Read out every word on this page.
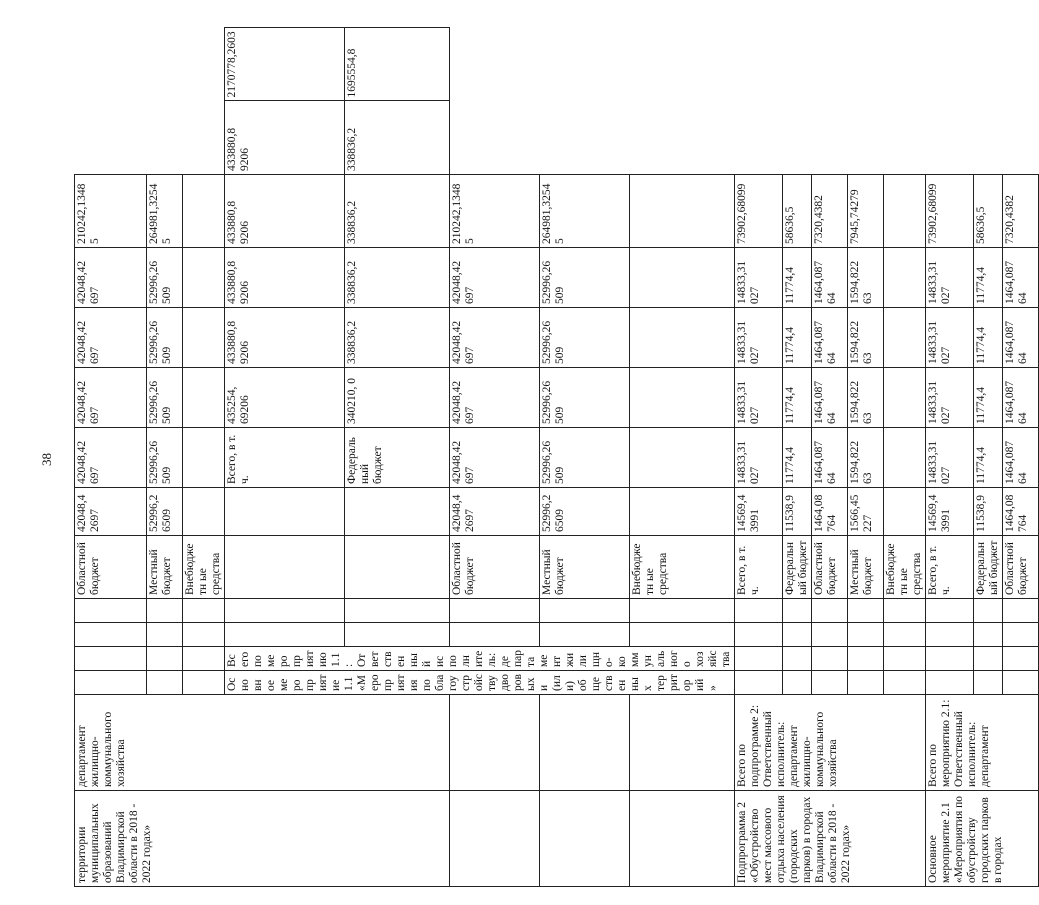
38
территории муниципальных образований Владимирской области в 2018 - 2022 годах»	департамент жилищно-коммунального хозяйства					Областной бюджет	42048,4 2697	42048,42 697	42048,42 697	42048,42 697	42048,42 697	210242,13485		
						Местный бюджет	52996,2 6509	52996,26 509	52996,26 509	52996,26 509	52996,26 509	264981,32545		
						Внебюджетн ые средства								
		Основное мероприятие 1.1 «Мероприятия по благоустройству дворовых и (или) общественных территорий»	Всего по мероприятию 1.1: Ответственный исполнитель: департамент жилищно-коммунального хозяйства					Всего, в т. ч.	435254, 69206	433880,8 9206	433880,8 9206	433880,8 9206	433880,8 9206	2170778,2603
								Федеральный бюджет	340210, 0	338836,2	338836,2	338836,2	338836,2	1695554,8
						Областной бюджет	42048,4 2697	42048,42 697	42048,42 697	42048,42 697	42048,42 697	210242,13485		
						Местный бюджет	52996,2 6509	52996,26 509	52996,26 509	52996,26 509	52996,26 509	264981,32545		
						Внебюджетн ые средства								
Подпрограмма 2 «Обустройство мест массового отдыха населения (городских парков) в городах Владимирской области в 2018 - 2022 годах»	Всего по подпрограмме 2: Ответственный исполнитель: департамент жилищно-коммунального хозяйства					Всего, в т. ч.	14569,4 3991	14833,31 027	14833,31 027	14833,31 027	14833,31 027	73902,68099		
						Федеральный бюджет	11538,9	11774,4	11774,4	11774,4	11774,4	58636,5		
						Областной бюджет	1464,08 764	1464,087 64	1464,087 64	1464,087 64	1464,087 64	7320,4382		
						Местный бюджет	1566,45 227	1594,822 63	1594,822 63	1594,822 63	1594,822 63	7945,74279		
						Внебюджетн ые средства								
Основное мероприятие 2.1 «Мероприятия по обустройству городских парков в городах	Всего по мероприятию 2.1: Ответственный исполнитель: департамент					Всего, в т. ч.	14569,4 3991	14833,31 027	14833,31 027	14833,31 027	14833,31 027	73902,68099		
						Федеральный бюджет	11538,9	11774,4	11774,4	11774,4	11774,4	58636,5		
						Областной бюджет	1464,08 764	1464,087 64	1464,087 64	1464,087 64	1464,087 64	7320,4382		
